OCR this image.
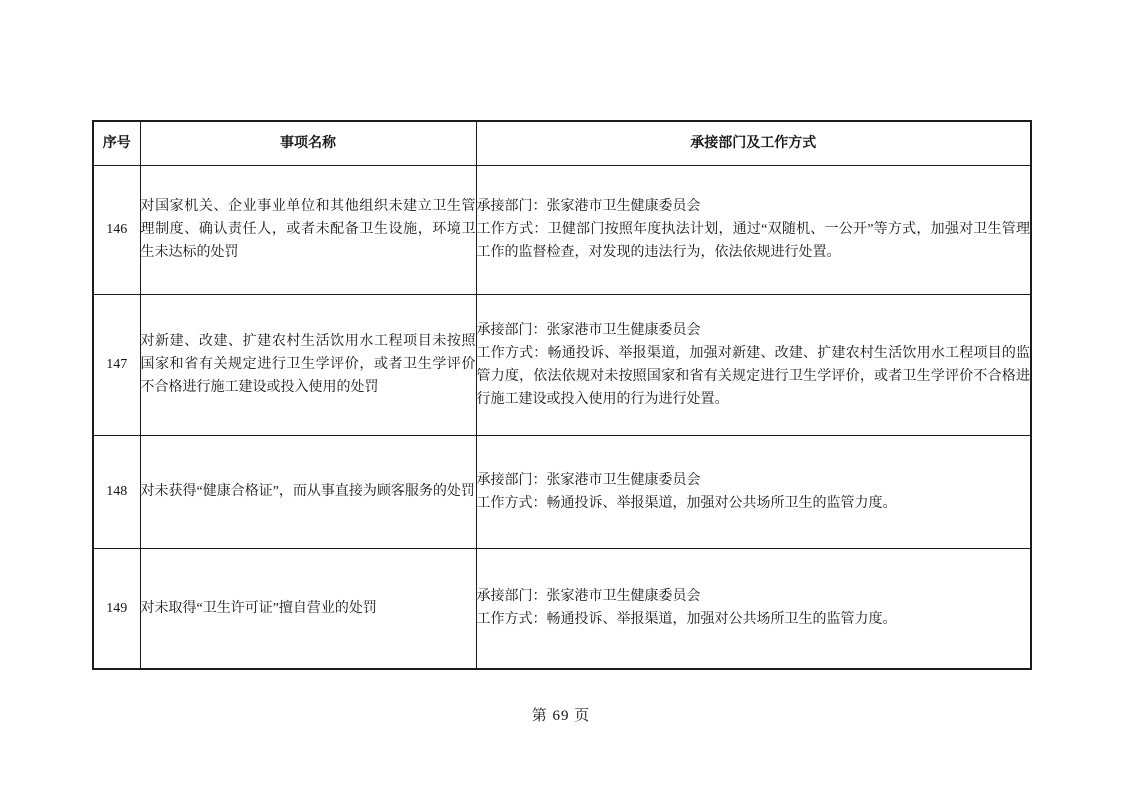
序号	事项名称	承接部门及工作方式
146	对国家机关、企业事业单位和其他组织未建立卫生管理制度、确认责任人，或者未配备卫生设施，环境卫生未达标的处罚	承接部门：张家港市卫生健康委员会
工作方式：卫健部门按照年度执法计划，通过“双随机、一公开”等方式，加强对卫生管理工作的监督检查，对发现的违法行为，依法依规进行处置。

147	对新建、改建、扩建农村生活饮用水工程项目未按照国家和省有关规定进行卫生学评价，或者卫生学评价不合格进行施工建设或投入使用的处罚	承接部门：张家港市卫生健康委员会
工作方式：畅通投诉、举报渠道，加强对新建、改建、扩建农村生活饮用水工程项目的监管力度，依法依规对未按照国家和省有关规定进行卫生学评价，或者卫生学评价不合格进行施工建设或投入使用的行为进行处置。

148	对未获得“健康合格证”，而从事直接为顾客服务的处罚	承接部门：张家港市卫生健康委员会
工作方式：畅通投诉、举报渠道，加强对公共场所卫生的监管力度。

149	对未取得“卫生许可证”擅自营业的处罚	承接部门：张家港市卫生健康委员会
工作方式：畅通投诉、举报渠道，加强对公共场所卫生的监管力度。
第 69 页
